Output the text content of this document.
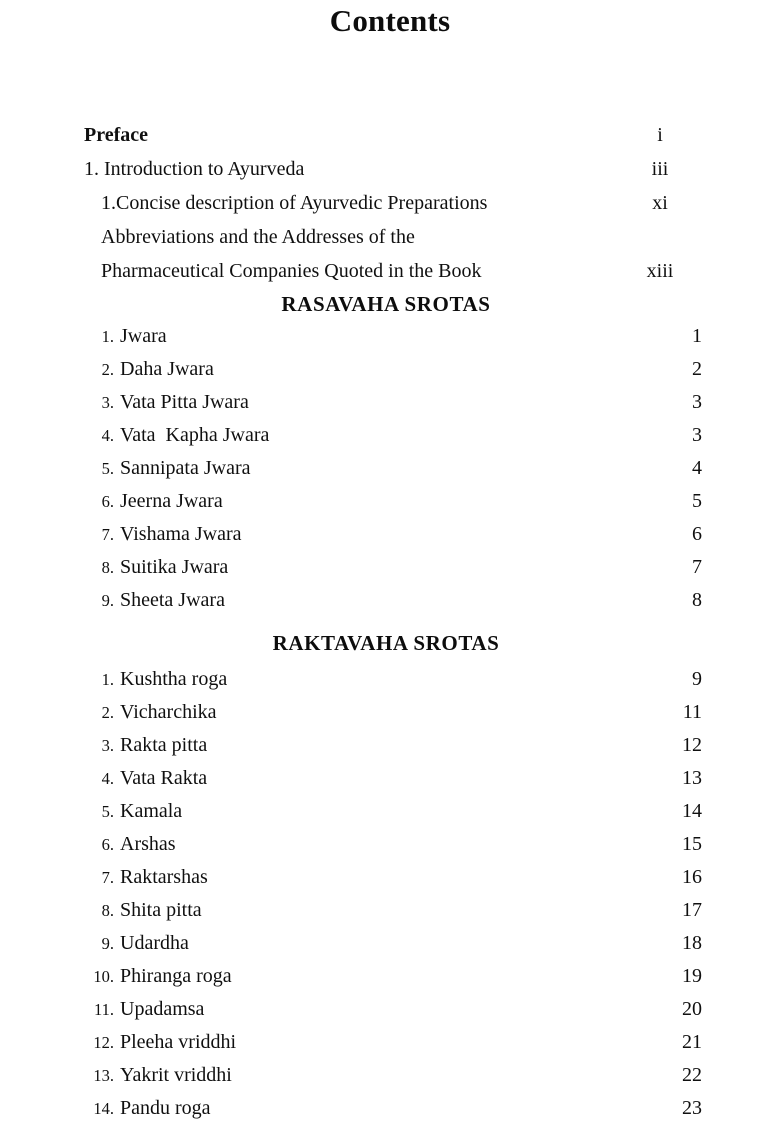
Contents
Preface	i
1. Introduction to Ayurveda	iii
1.Concise description of Ayurvedic Preparations	xi
Abbreviations and the Addresses of the
Pharmaceutical Companies Quoted in the Book	xiii
RASAVAHA SROTAS
1. Jwara	1
2. Daha Jwara	2
3. Vata Pitta Jwara	3
4. Vata  Kapha Jwara	3
5. Sannipata Jwara	4
6. Jeerna Jwara	5
7. Vishama Jwara	6
8. Suitika Jwara	7
9. Sheeta Jwara	8
RAKTAVAHA SROTAS
1. Kushtha roga	9
2. Vicharchika	11
3. Rakta pitta	12
4. Vata Rakta	13
5. Kamala	14
6. Arshas	15
7. Raktarshas	16
8. Shita pitta	17
9. Udardha	18
10. Phiranga roga	19
11. Upadamsa	20
12. Pleeha vriddhi	21
13. Yakrit vriddhi	22
14. Pandu roga	23
